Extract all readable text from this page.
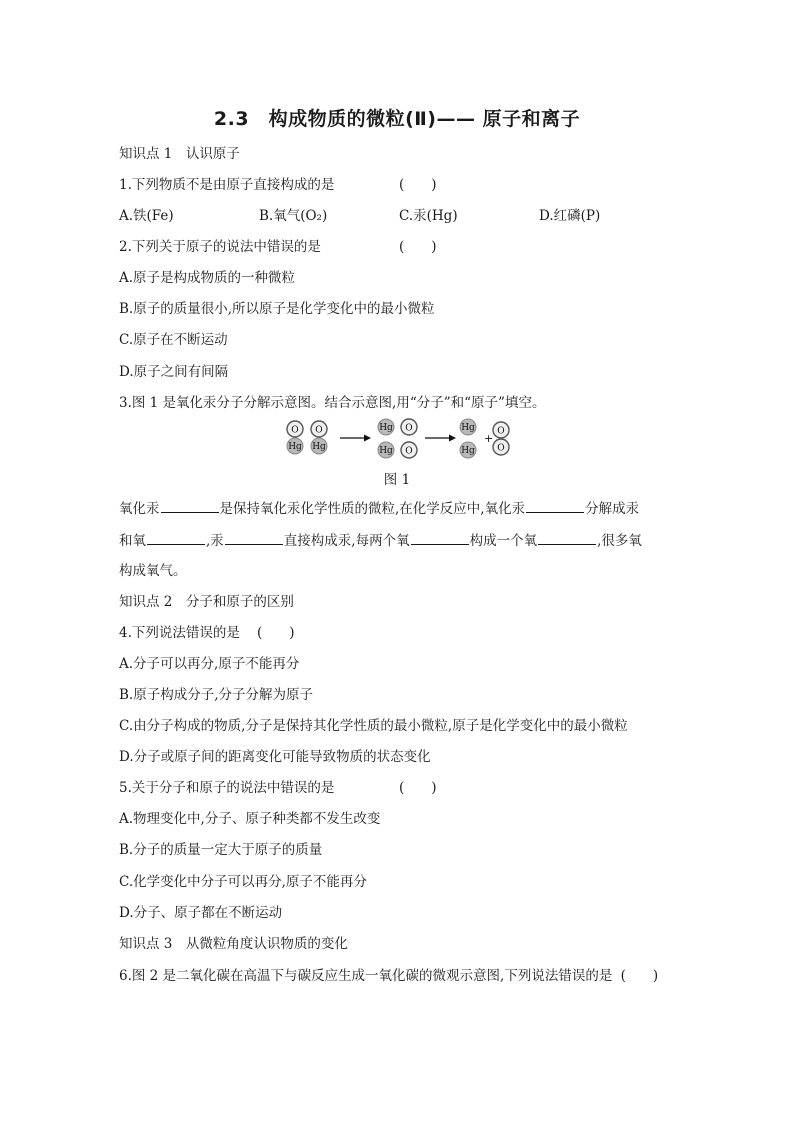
2.3　构成物质的微粒(Ⅱ)—— 原子和离子
知识点 1　认识原子
1.下列物质不是由原子直接构成的是	(　　)
A.铁(Fe)	B.氧气(O₂)	C.汞(Hg)	D.红磷(P)
2.下列关于原子的说法中错误的是	(　　)
A.原子是构成物质的一种微粒
B.原子的质量很小,所以原子是化学变化中的最小微粒
C.原子在不断运动
D.原子之间有间隔
3.图 1 是氧化汞分子分解示意图。结合示意图,用“分子”和“原子”填空。
O
Hg
O
Hg
Hg O
Hg O
Hg
Hg
+
O
O
图 1
氧化汞	是保持氧化汞化学性质的微粒,在化学反应中,氧化汞	分解成汞
和氧	,汞	直接构成汞,每两个氧	构成一个氧	,很多氧
构成氧气。
知识点 2　分子和原子的区别
4.下列说法错误的是 (　　)
A.分子可以再分,原子不能再分
B.原子构成分子,分子分解为原子
C.由分子构成的物质,分子是保持其化学性质的最小微粒,原子是化学变化中的最小微粒
D.分子或原子间的距离变化可能导致物质的状态变化
5.关于分子和原子的说法中错误的是	(　　)
A.物理变化中,分子、原子种类都不发生改变
B.分子的质量一定大于原子的质量
C.化学变化中分子可以再分,原子不能再分
D.分子、原子都在不断运动
知识点 3　从微粒角度认识物质的变化
6.图 2 是二氧化碳在高温下与碳反应生成一氧化碳的微观示意图,下列说法错误的是 (　　)
